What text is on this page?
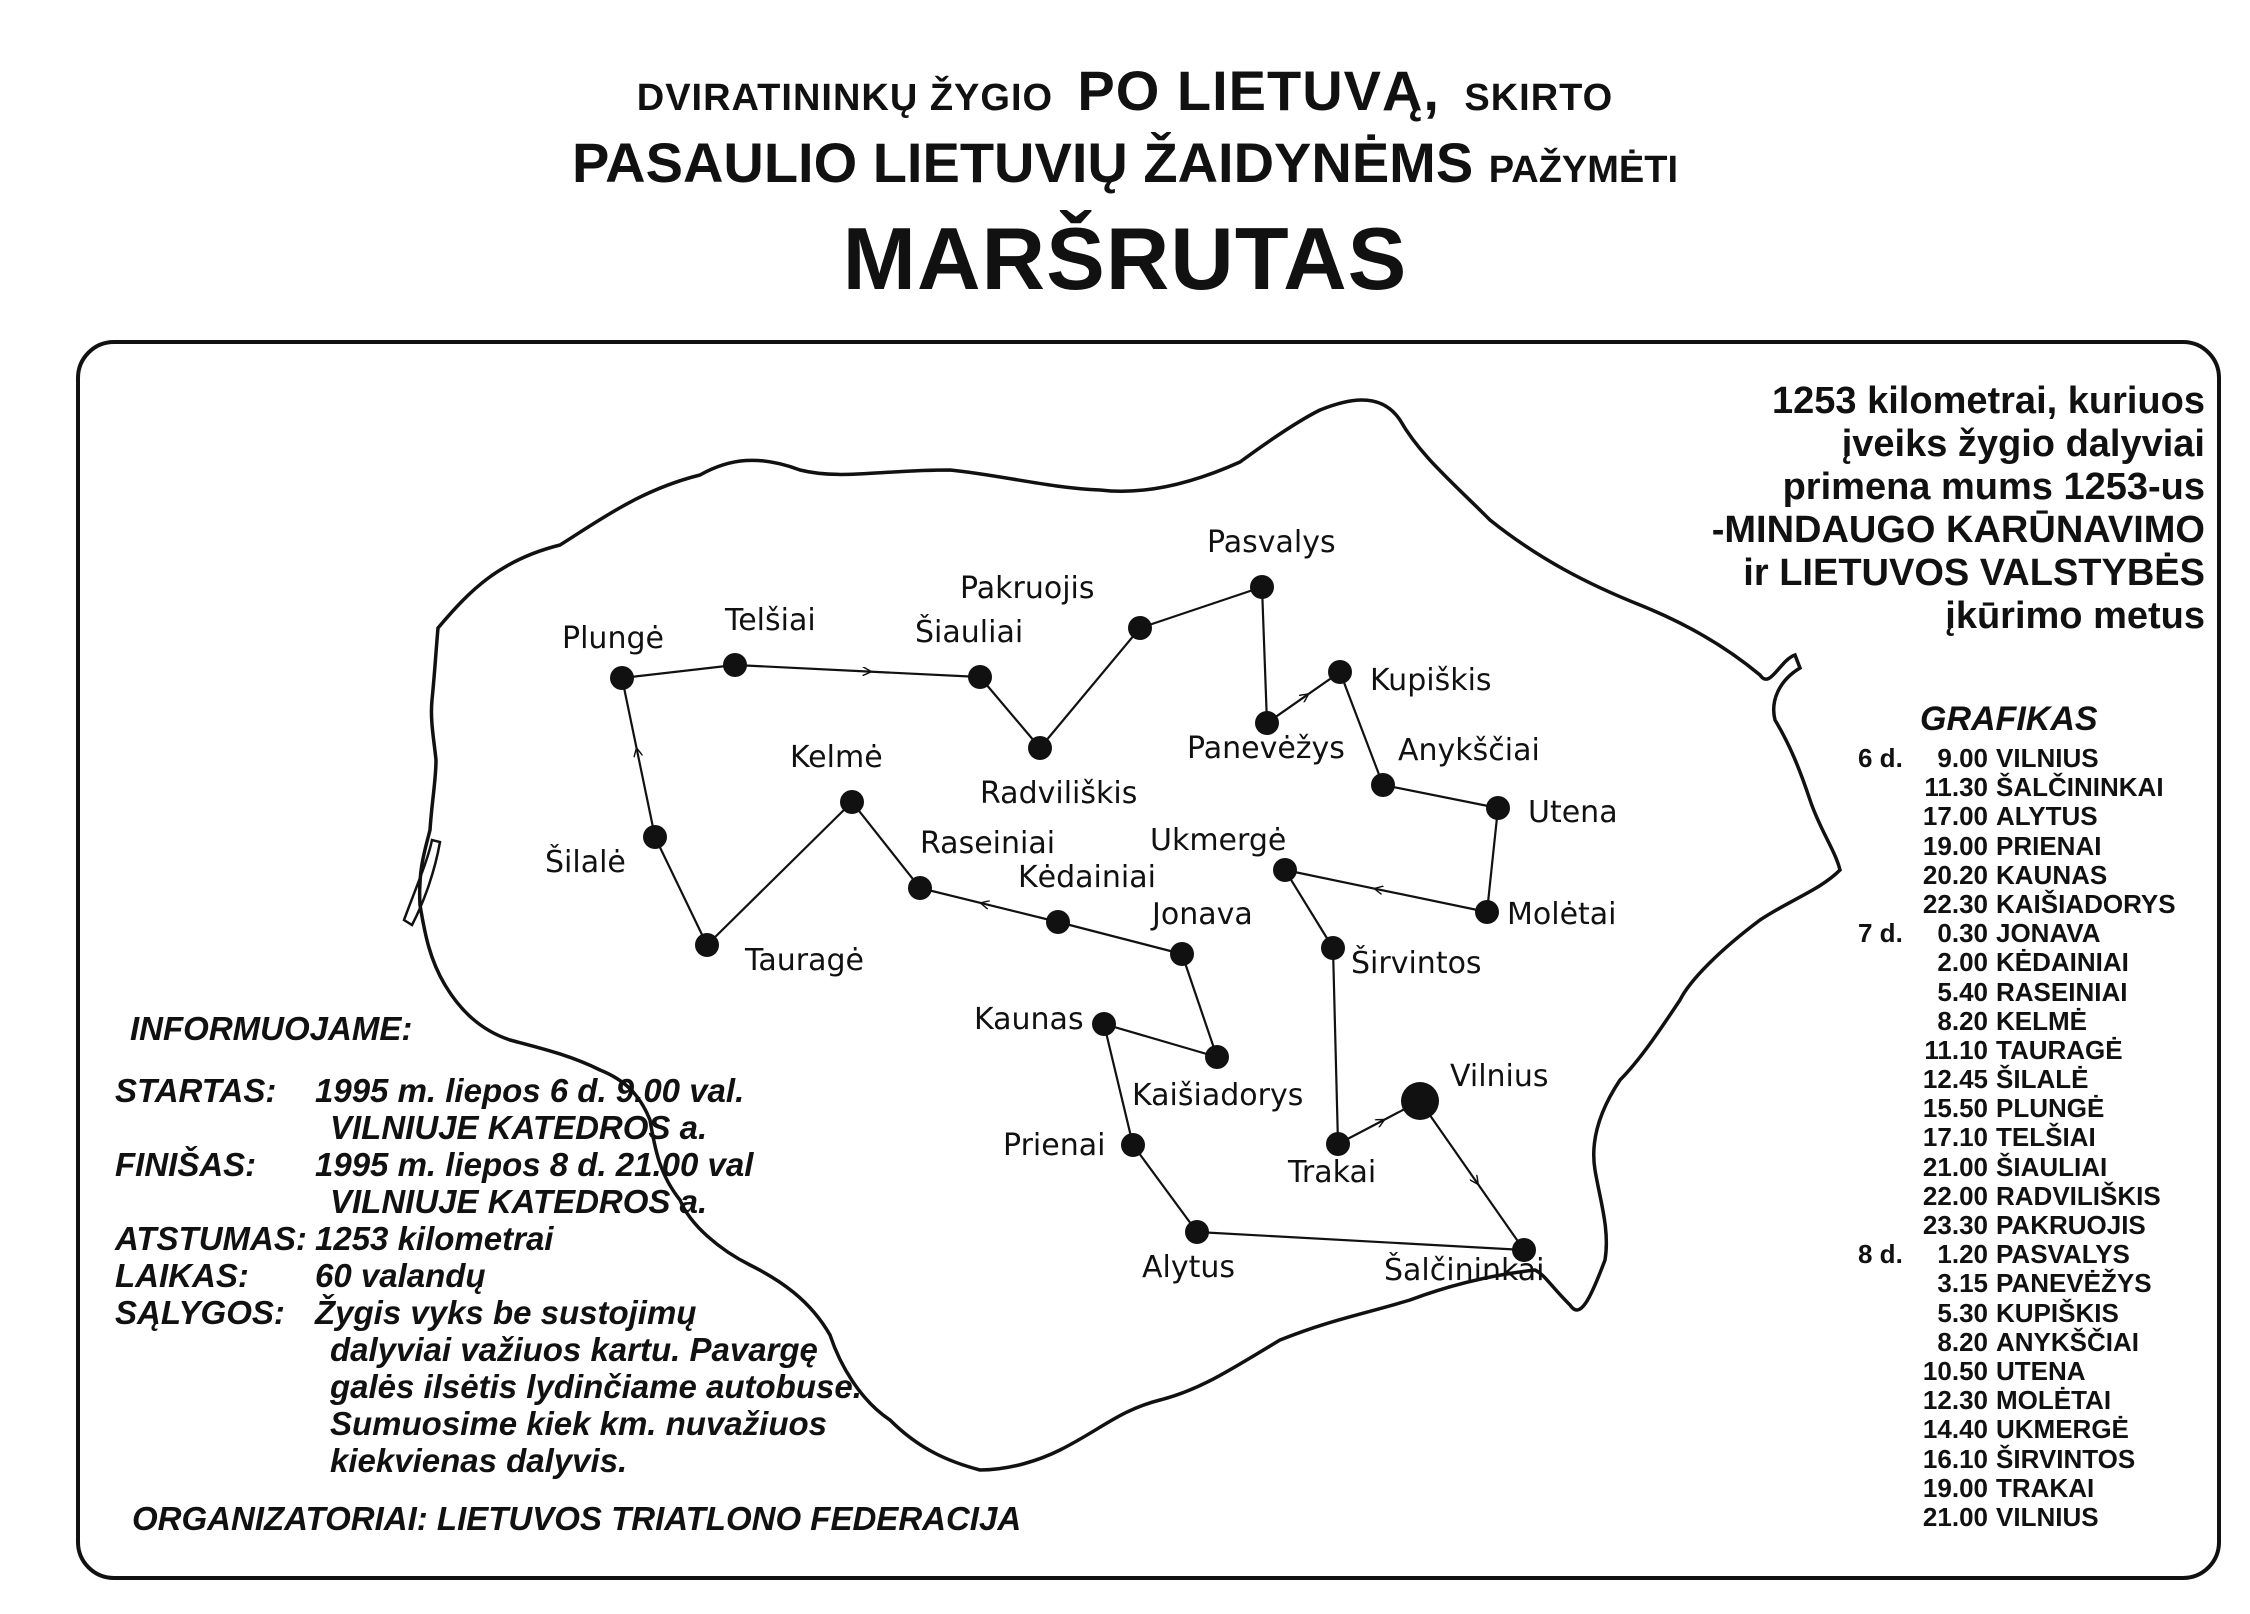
DVIRATININKŲ ŽYGIO PO LIETUVĄ, SKIRTO
PASAULIO LIETUVIŲ ŽAIDYNĖMS PAŽYMĖTI
MARŠRUTAS
Plungė
Telšiai	Šiauliai
Pakruojis
Pasvalys
Kupiškis
Radviliškis
Panevėžys Anykščiai
Kelmė
Utena
Ukmergė
Šilalė
Raseiniai
Kėdainiai
Molėtai
Jonava
Širvintos
Tauragė
Kaunas
Kaišiadorys
Vilnius
Prienai
Trakai
Alytus	Šalčininkai
1253 kilometrai, kuriuos
įveiks žygio dalyviai
primena mums 1253-us
-MINDAUGO KARŪNAVIMO
ir LIETUVOS VALSTYBĖS
įkūrimo metus
GRAFIKAS
6 d. 9.00 VILNIUS
11.30 ŠALČININKAI
17.00 ALYTUS
19.00 PRIENAI
20.20 KAUNAS
22.30 KAIŠIADORYS
7 d. 0.30 JONAVA
2.00 KĖDAINIAI
5.40 RASEINIAI
8.20 KELMĖ
11.10 TAURAGĖ
12.45 ŠILALĖ
15.50 PLUNGĖ
17.10 TELŠIAI
21.00 ŠIAULIAI
22.00 RADVILIŠKIS
23.30 PAKRUOJIS
8 d. 1.20 PASVALYS
3.15 PANEVĖŽYS
5.30 KUPIŠKIS
8.20 ANYKŠČIAI
10.50 UTENA
12.30 MOLĖTAI
14.40 UKMERGĖ
16.10 ŠIRVINTOS
19.00 TRAKAI
21.00 VILNIUS
INFORMUOJAME:
STARTAS: 1995 m. liepos 6 d. 9.00 val.
VILNIUJE KATEDROS a.
FINIŠAS: 1995 m. liepos 8 d. 21.00 val
VILNIUJE KATEDROS a.
ATSTUMAS: 1253 kilometrai
LAIKAS: 60 valandų
SĄLYGOS: Žygis vyks be sustojimų
dalyviai važiuos kartu. Pavargę
galės ilsėtis lydinčiame autobuse.
Sumuosime kiek km. nuvažiuos
kiekvienas dalyvis.
ORGANIZATORIAI: LIETUVOS TRIATLONO FEDERACIJA
